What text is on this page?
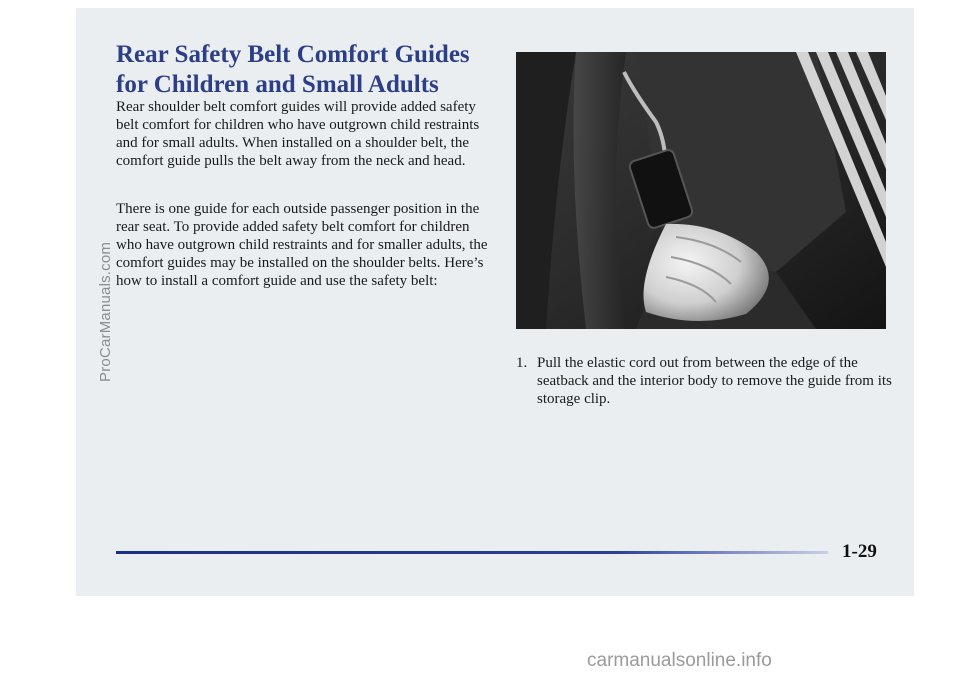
Rear Safety Belt Comfort Guides for Children and Small Adults

Rear shoulder belt comfort guides will provide added safety belt comfort for children who have outgrown child restraints and for small adults. When installed on a shoulder belt, the comfort guide pulls the belt away from the neck and head.

There is one guide for each outside passenger position in the rear seat. To provide added safety belt comfort for children who have outgrown child restraints and for smaller adults, the comfort guides may be installed on the shoulder belts. Here’s how to install a comfort guide and use the safety belt:

1. Pull the elastic cord out from between the edge of the seatback and the interior body to remove the guide from its storage clip.
1-29
ProCarManuals.com
carmanualsonline.info
